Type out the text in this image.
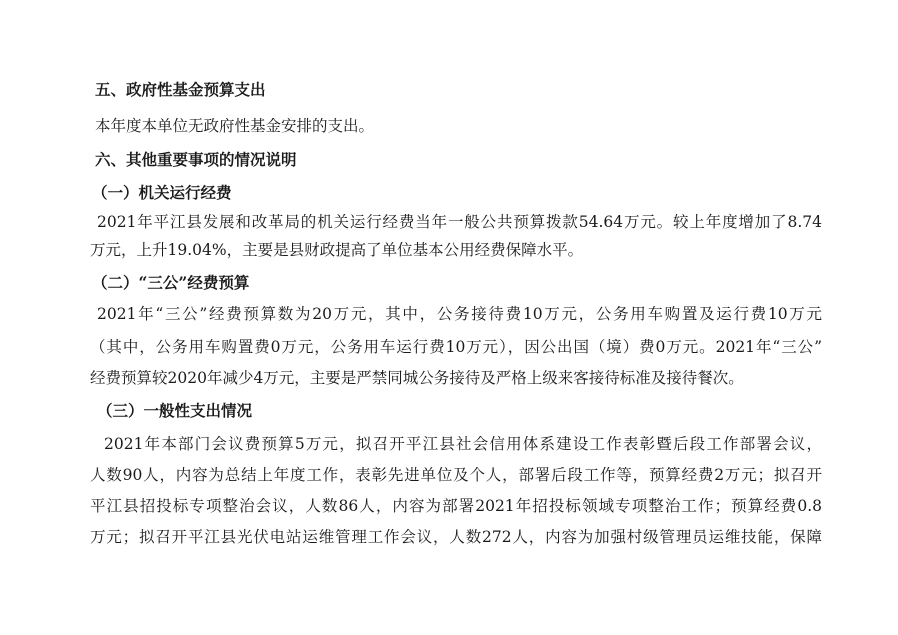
五、政府性基金预算支出
本年度本单位无政府性基金安排的支出。
六、其他重要事项的情况说明
（一）机关运行经费
2021年平江县发展和改革局的机关运行经费当年一般公共预算拨款54.64万元。较上年度增加了8.74
万元，上升19.04%，主要是县财政提高了单位基本公用经费保障水平。
（二）“三公”经费预算
2021年“三公”经费预算数为20万元，其中，公务接待费10万元，公务用车购置及运行费10万元
（其中，公务用车购置费0万元，公务用车运行费10万元），因公出国（境）费0万元。2021年“三公”
经费预算较2020年减少4万元，主要是严禁同城公务接待及严格上级来客接待标准及接待餐次。
（三）一般性支出情况
2021年本部门会议费预算5万元，拟召开平江县社会信用体系建设工作表彰暨后段工作部署会议，
人数90人，内容为总结上年度工作，表彰先进单位及个人，部署后段工作等，预算经费2万元；拟召开
平江县招投标专项整治会议，人数86人，内容为部署2021年招投标领域专项整治工作；预算经费0.8
万元；拟召开平江县光伏电站运维管理工作会议，人数272人，内容为加强村级管理员运维技能，保障
